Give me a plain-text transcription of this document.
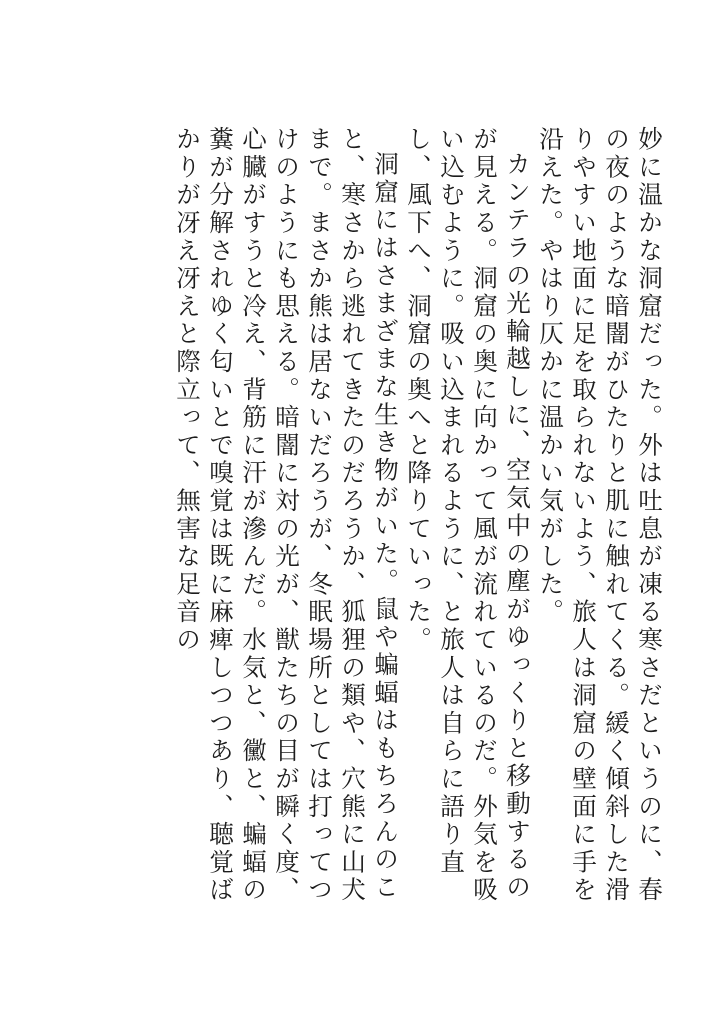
妙に温かな洞窟だった。外は吐息が凍る寒さだというのに、春の夜のような暗闇がひたりと肌に触れてくる。緩く傾斜した滑りやすい地面に足を取られないよう、旅人は洞窟の壁面に手を沿えた。やはり仄かに温かい気がした。

カンテラの光輪越しに、空気中の塵がゆっくりと移動するのが見える。洞窟の奥に向かって風が流れているのだ。外気を吸い込むように。吸い込まれるように、と旅人は自らに語り直し、風下へ、洞窟の奥へと降りていった。

洞窟にはさまざまな生き物がいた。鼠や蝙蝠はもちろんのこと、寒さから逃れてきたのだろうか、狐狸の類や、穴熊に山犬まで。まさか熊は居ないだろうが、冬眠場所としては打ってつけのようにも思える。暗闇に対の光が、獣たちの目が瞬く度、心臓がすうと冷え、背筋に汗が滲んだ。水気と、黴と、蝙蝠の糞が分解されゆく匂いとで嗅覚は既に麻痺しつつあり、聴覚ばかりが冴え冴えと際立って、無害な足音の
